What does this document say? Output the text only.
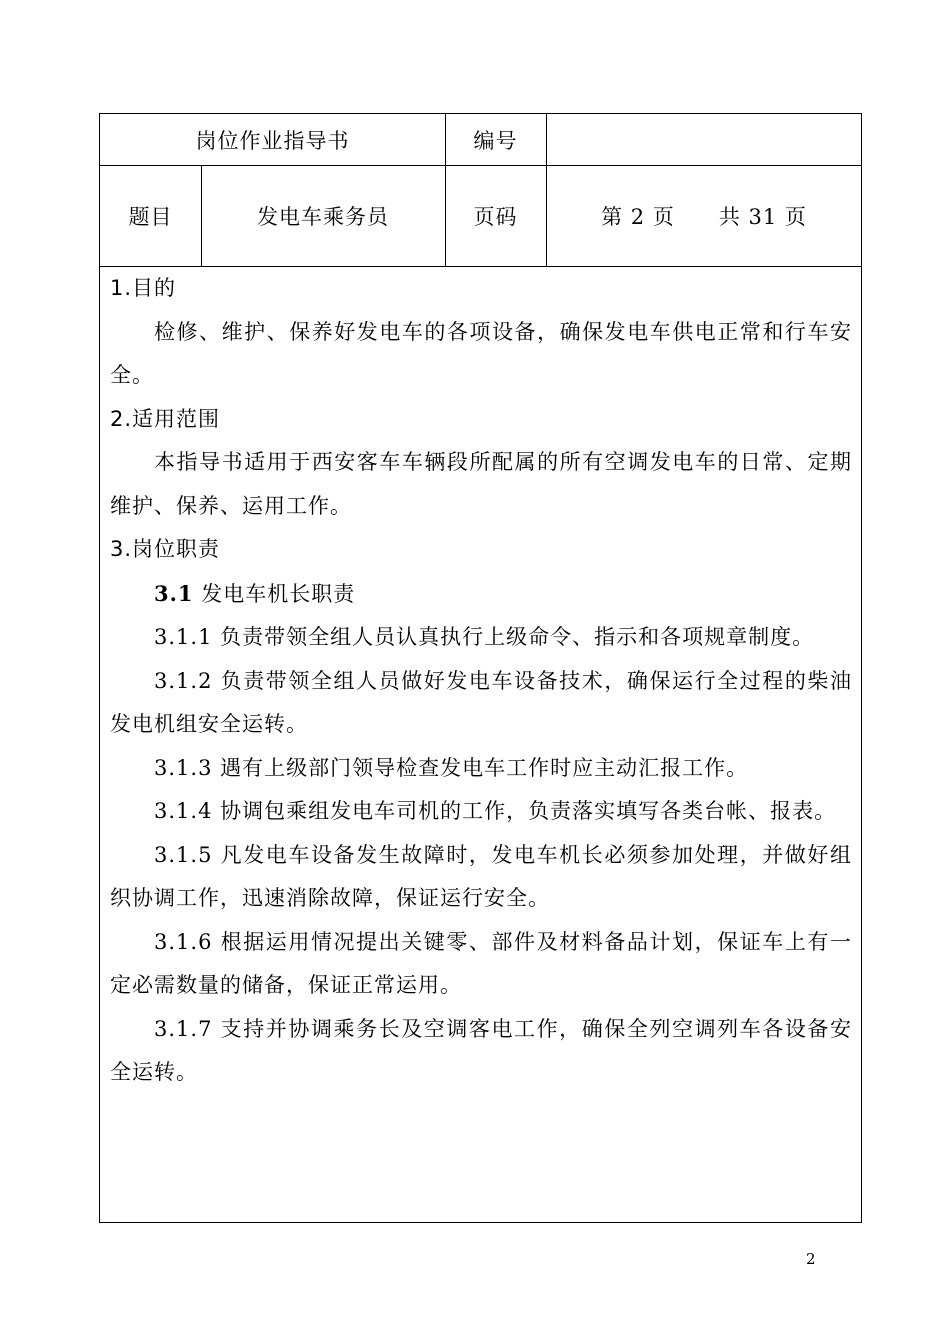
岗位作业指导书	编号
题目	发电车乘务员	页码	第 2 页 共 31 页

1.目的

检修、维护、保养好发电车的各项设备，确保发电车供电正常和行车安全。

2.适用范围

本指导书适用于西安客车车辆段所配属的所有空调发电车的日常、定期维护、保养、运用工作。

3.岗位职责

3.1 发电车机长职责

3.1.1 负责带领全组人员认真执行上级命令、指示和各项规章制度。

3.1.2 负责带领全组人员做好发电车设备技术，确保运行全过程的柴油发电机组安全运转。

3.1.3 遇有上级部门领导检查发电车工作时应主动汇报工作。

3.1.4 协调包乘组发电车司机的工作，负责落实填写各类台帐、报表。

3.1.5 凡发电车设备发生故障时，发电车机长必须参加处理，并做好组织协调工作，迅速消除故障，保证运行安全。

3.1.6 根据运用情况提出关键零、部件及材料备品计划，保证车上有一定必需数量的储备，保证正常运用。

3.1.7 支持并协调乘务长及空调客电工作，确保全列空调列车各设备安全运转。

2
